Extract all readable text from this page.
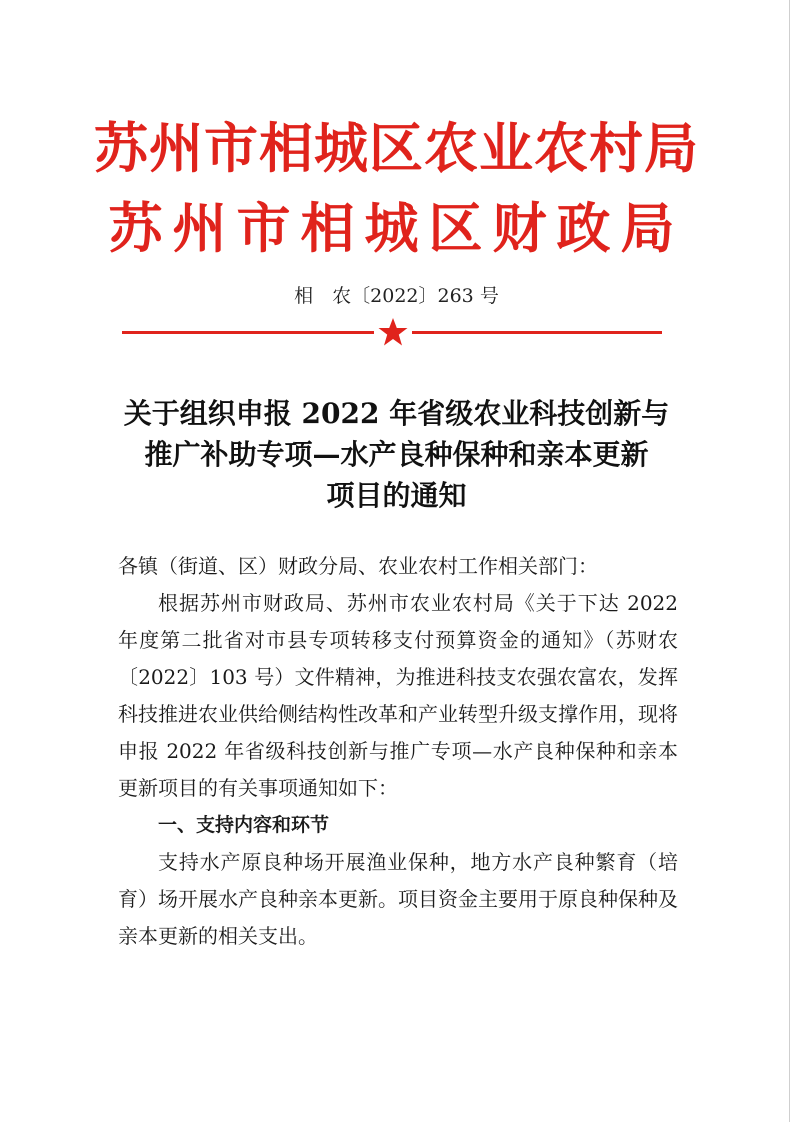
苏州市相城区农业农村局
苏州市相城区财政局
相　农〔2022〕263 号
关于组织申报 2022 年省级农业科技创新与
推广补助专项—水产良种保种和亲本更新
项目的通知

各镇（街道、区）财政分局、农业农村工作相关部门：

根据苏州市财政局、苏州市农业农村局《关于下达 2022 年度第二批省对市县专项转移支付预算资金的通知》（苏财农〔2022〕103 号）文件精神，为推进科技支农强农富农，发挥科技推进农业供给侧结构性改革和产业转型升级支撑作用，现将申报 2022 年省级科技创新与推广专项—水产良种保种和亲本更新项目的有关事项通知如下：

一、支持内容和环节

支持水产原良种场开展渔业保种，地方水产良种繁育（培育）场开展水产良种亲本更新。项目资金主要用于原良种保种及亲本更新的相关支出。
